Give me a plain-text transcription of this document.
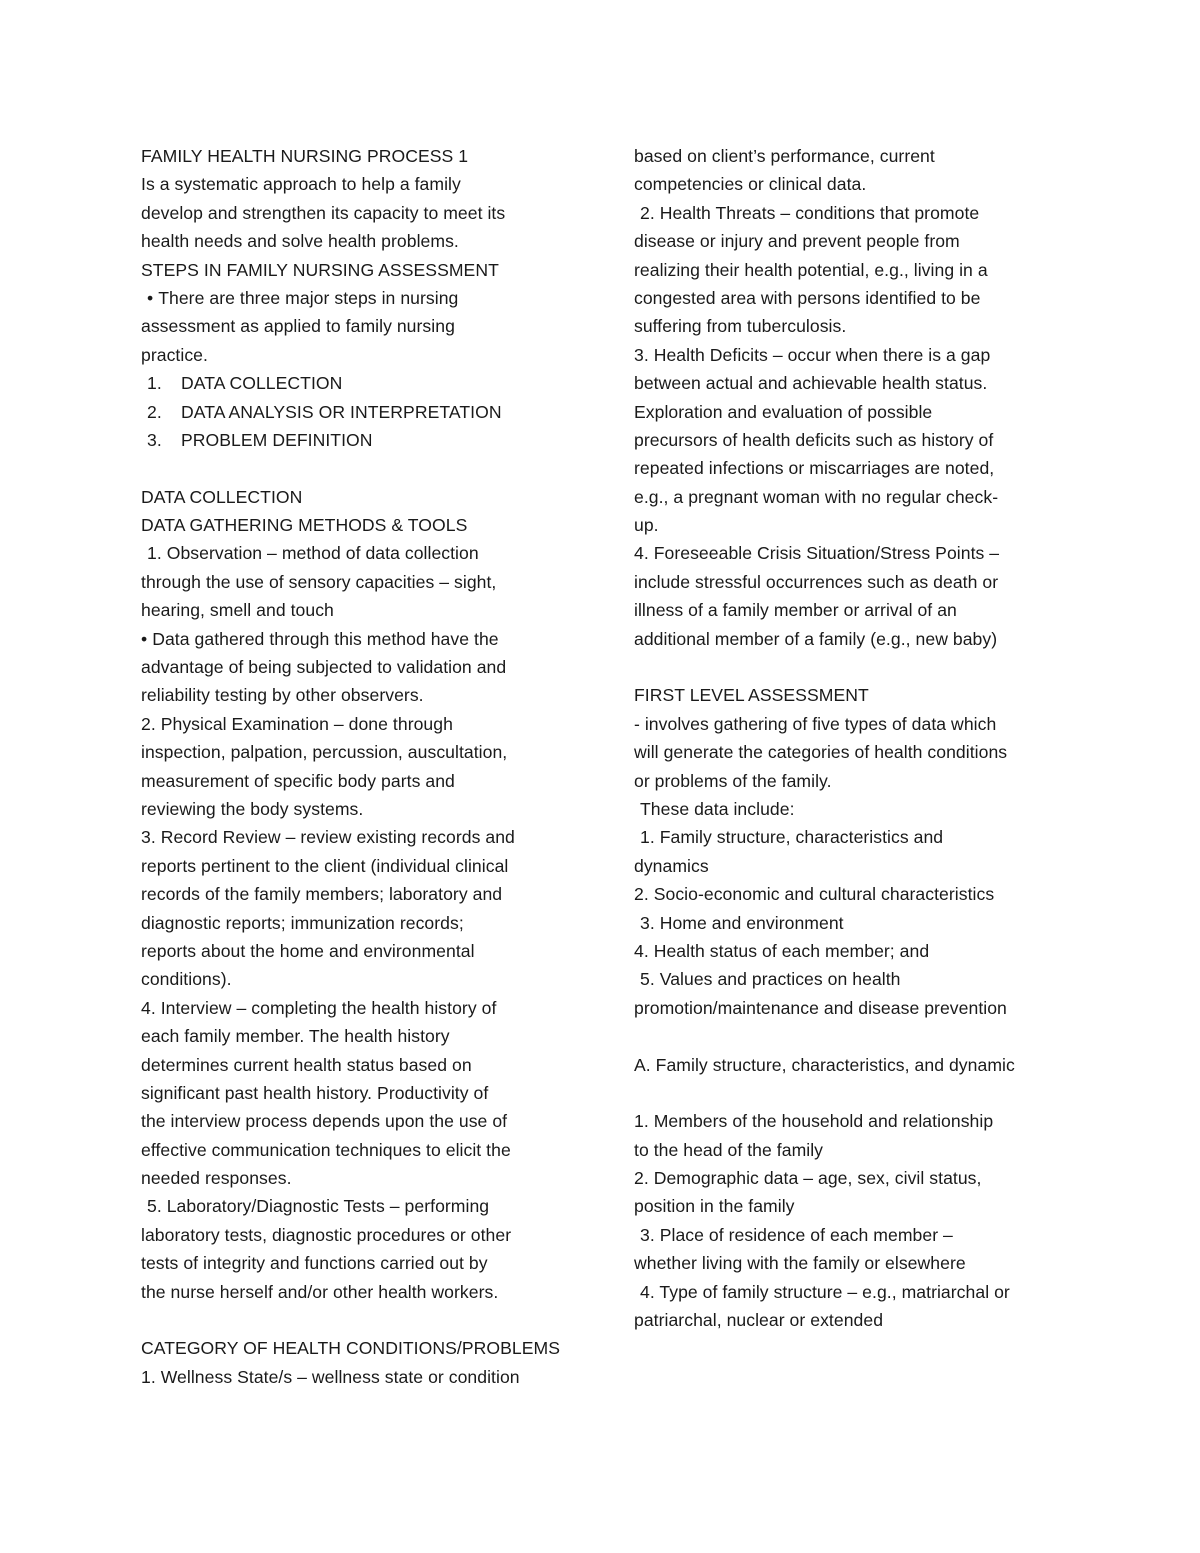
FAMILY HEALTH NURSING PROCESS 1
Is a systematic approach to help a family
develop and strengthen its capacity to meet its
health needs and solve health problems.
STEPS IN FAMILY NURSING ASSESSMENT
• There are three major steps in nursing
assessment as applied to family nursing
practice.
1. DATA COLLECTION
2. DATA ANALYSIS OR INTERPRETATION
3. PROBLEM DEFINITION
DATA COLLECTION
DATA GATHERING METHODS & TOOLS
1. Observation – method of data collection
through the use of sensory capacities – sight,
hearing, smell and touch
• Data gathered through this method have the
advantage of being subjected to validation and
reliability testing by other observers.
2. Physical Examination – done through
inspection, palpation, percussion, auscultation,
measurement of specific body parts and
reviewing the body systems.
3. Record Review – review existing records and
reports pertinent to the client (individual clinical
records of the family members; laboratory and
diagnostic reports; immunization records;
reports about the home and environmental
conditions).
4. Interview – completing the health history of
each family member. The health history
determines current health status based on
significant past health history. Productivity of
the interview process depends upon the use of
effective communication techniques to elicit the
needed responses.
5. Laboratory/Diagnostic Tests – performing
laboratory tests, diagnostic procedures or other
tests of integrity and functions carried out by
the nurse herself and/or other health workers.
CATEGORY OF HEALTH CONDITIONS/PROBLEMS
1. Wellness State/s – wellness state or condition
based on client’s performance, current
competencies or clinical data.
2. Health Threats – conditions that promote
disease or injury and prevent people from
realizing their health potential, e.g., living in a
congested area with persons identified to be
suffering from tuberculosis.
3. Health Deficits – occur when there is a gap
between actual and achievable health status.
Exploration and evaluation of possible
precursors of health deficits such as history of
repeated infections or miscarriages are noted,
e.g., a pregnant woman with no regular check-
up.
4. Foreseeable Crisis Situation/Stress Points –
include stressful occurrences such as death or
illness of a family member or arrival of an
additional member of a family (e.g., new baby)
FIRST LEVEL ASSESSMENT
- involves gathering of five types of data which
will generate the categories of health conditions
or problems of the family.
These data include:
1. Family structure, characteristics and
dynamics
2. Socio-economic and cultural characteristics
3. Home and environment
4. Health status of each member; and
5. Values and practices on health
promotion/maintenance and disease prevention
A. Family structure, characteristics, and dynamic
1. Members of the household and relationship
to the head of the family
2. Demographic data – age, sex, civil status,
position in the family
3. Place of residence of each member –
whether living with the family or elsewhere
4. Type of family structure – e.g., matriarchal or
patriarchal, nuclear or extended
